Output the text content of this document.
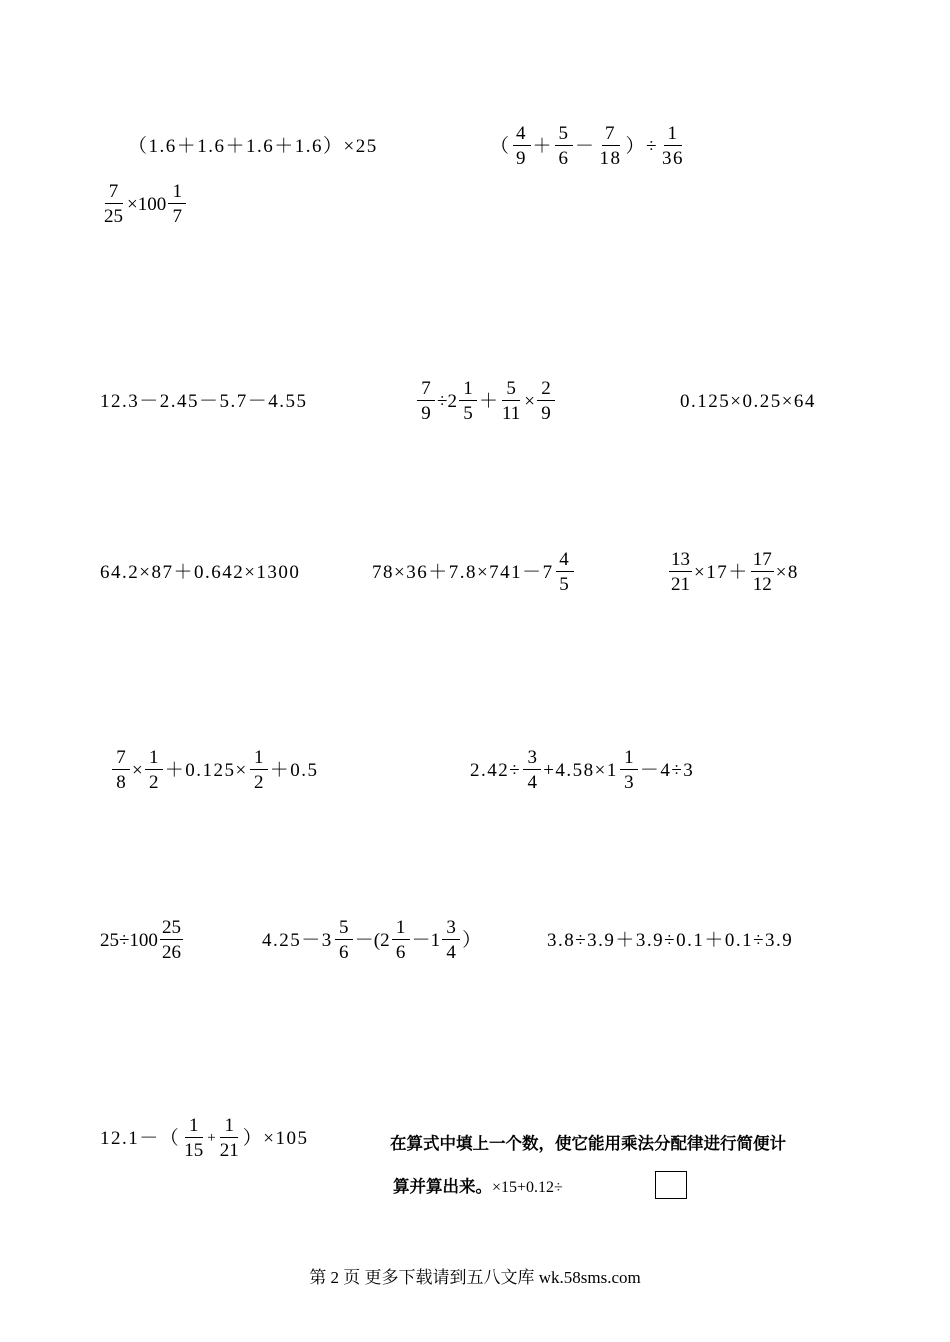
（1.6＋1.6＋1.6＋1.6）×25	（ $\frac{4}{9} + \frac{5}{6} - \frac{7}{18}$ ） ÷ $\frac{1}{36}$
$\frac{7}{25} \times 100 \frac{1}{7}$
12.3－2.45－5.7－4.55	$\frac{7}{9} \div 2 \frac{1}{5} + \frac{5}{11} \times \frac{2}{9}$	0.125×0.25×64
64.2×87＋0.642×1300	$78\times 36+7.8\times 741-7 \frac{4}{5}$	$\frac{13}{21} \times 17+ \frac{17}{12} \times 8$
$\frac{7}{8} \times \frac{1}{2} +0.125\times \frac{1}{2} +0.5$	$2.42\div \frac{3}{4} +4.58\times 1 \frac{1}{3} -4\div 3$
$25\div 100 \frac{25}{26}$	$4.25-3 \frac{5}{6} -(2 \frac{1}{6} -1 \frac{3}{4}$ ）	3.8÷3.9＋3.9÷0.1＋0.1÷3.9
$12.1-( \frac{1}{15} + \frac{1}{21} )\times 105$	在算式中填上一个数，使它能用乘法分配律进行简便计
算并算出来。×15+0.12÷
第 2 页 更多下载请到五八文库 wk.58sms.com
